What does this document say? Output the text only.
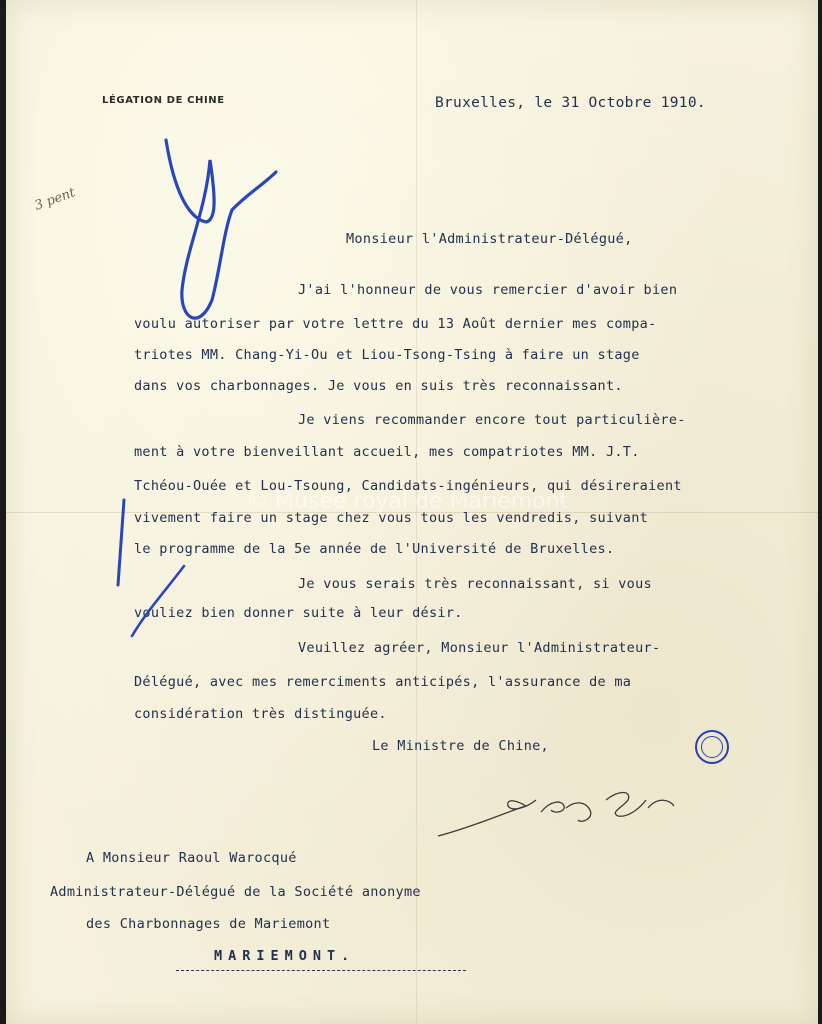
LÉGATION DE CHINE	Bruxelles, le 31 Octobre 1910.
3 pent
Monsieur l'Administrateur-Délégué,
J'ai l'honneur de vous remercier d'avoir bien
voulu autoriser par votre lettre du 13 Août dernier mes compa-
triotes MM. Chang-Yi-Ou et Liou-Tsong-Tsing à faire un stage
dans vos charbonnages. Je vous en suis très reconnaissant.
Je viens recommander encore tout particulière-
ment à votre bienveillant accueil, mes compatriotes MM. J.T.
Tchéou-Ouée et Lou-Tsoung, Candidats-ingénieurs, qui désireraient
vivement faire un stage chez vous tous les vendredis, suivant
le programme de la 5e année de l'Université de Bruxelles.
Je vous serais très reconnaissant, si vous
vouliez bien donner suite à leur désir.
Veuillez agréer, Monsieur l'Administrateur-
Délégué, avec mes remerciments anticipés, l'assurance de ma
considération très distinguée.
Le Ministre de Chine,
A Monsieur Raoul Warocqué
Administrateur-Délégué de la Société anonyme
des Charbonnages de Mariemont
MARIEMONT.
© Musée royal de Mariemont
